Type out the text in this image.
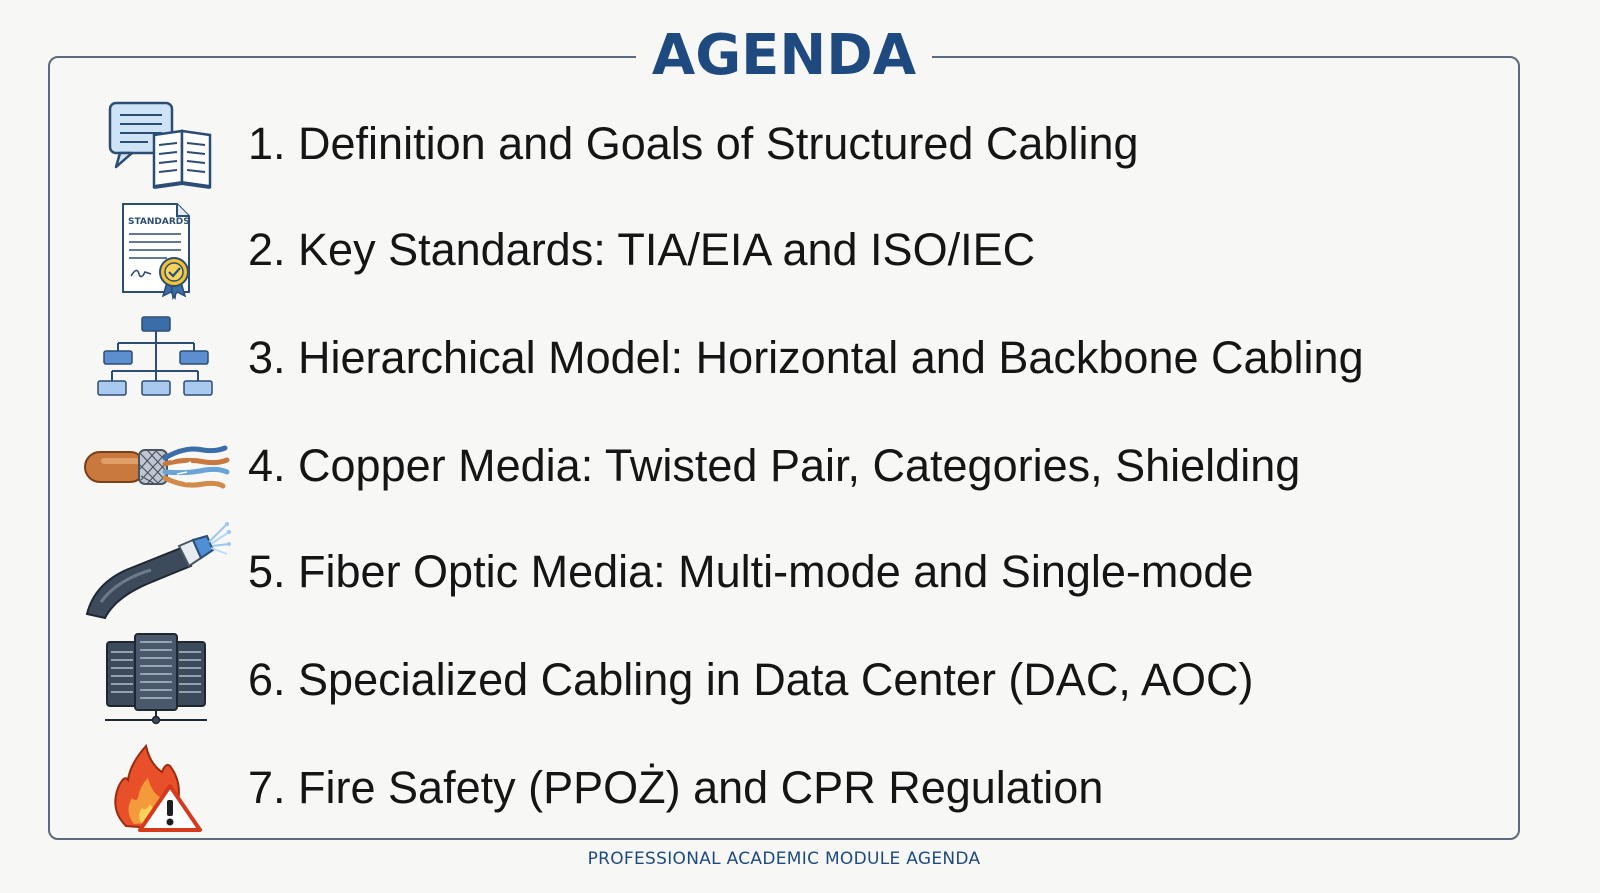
AGENDA
1. Definition and Goals of Structured Cabling
STANDARDS
2. Key Standards: TIA/EIA and ISO/IEC
3. Hierarchical Model: Horizontal and Backbone Cabling
4. Copper Media: Twisted Pair, Categories, Shielding
5. Fiber Optic Media: Multi-mode and Single-mode
6. Specialized Cabling in Data Center (DAC, AOC)
7. Fire Safety (PPOŻ) and CPR Regulation
PROFESSIONAL ACADEMIC MODULE AGENDA
